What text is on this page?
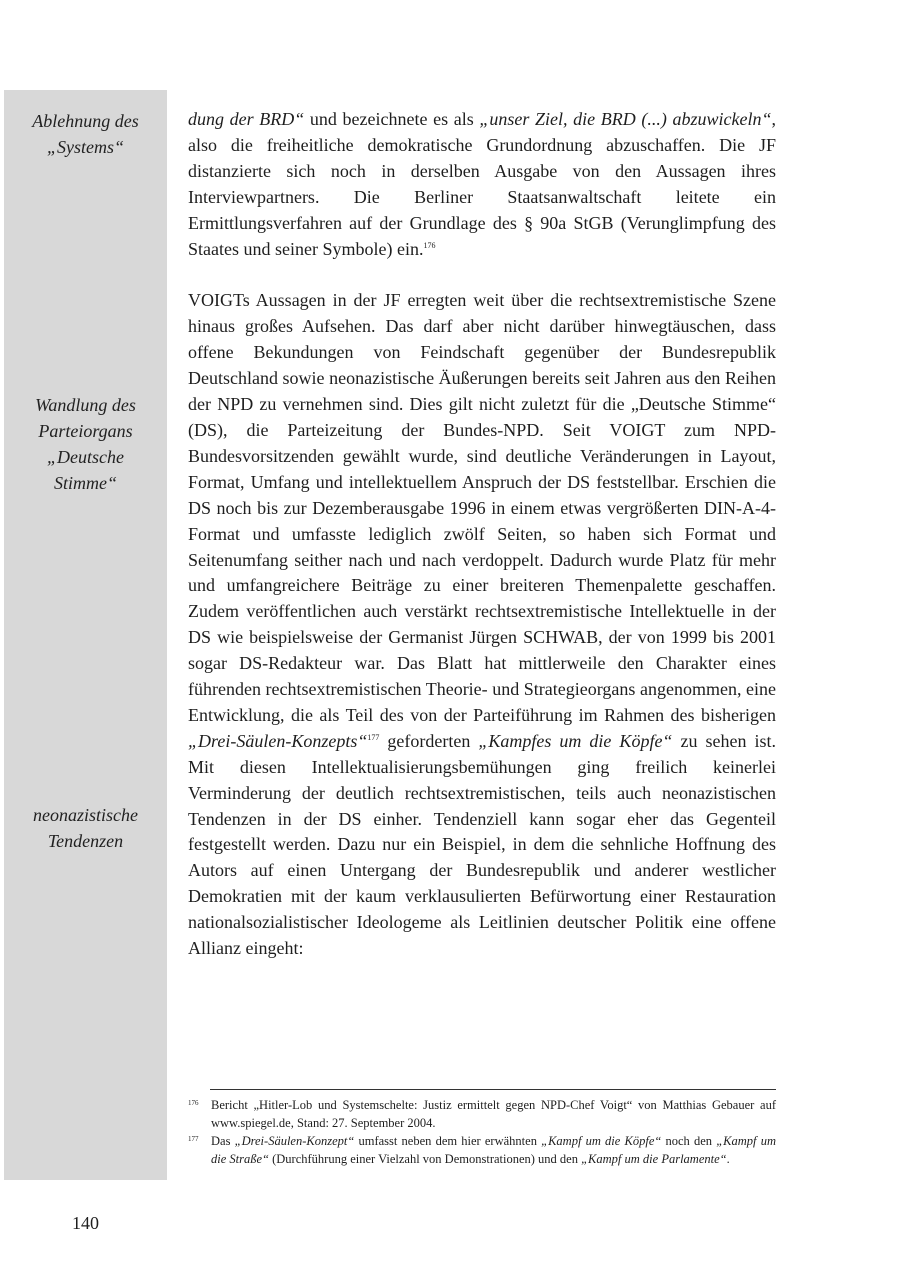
Ablehnung des
„Systems“
Wandlung des
Parteiorgans
„Deutsche
Stimme“
neonazistische
Tendenzen

dung der BRD“ und bezeichnete es als „unser Ziel, die BRD (...) abzuwickeln“, also die freiheitliche demokratische Grundordnung abzuschaffen. Die JF distanzierte sich noch in derselben Ausgabe von den Aussagen ihres Interviewpartners. Die Berliner Staatsanwaltschaft leitete ein Ermittlungsverfahren auf der Grundlage des § 90a StGB (Verunglimpfung des Staates und seiner Symbole) ein.$^{176}$

VOIGTs Aussagen in der JF erregten weit über die rechtsextremistische Szene hinaus großes Aufsehen. Das darf aber nicht darüber hinwegtäuschen, dass offene Bekundungen von Feindschaft gegenüber der Bundesrepublik Deutschland sowie neonazistische Äußerungen bereits seit Jahren aus den Reihen der NPD zu vernehmen sind. Dies gilt nicht zuletzt für die „Deutsche Stimme“ (DS), die Parteizeitung der Bundes-NPD. Seit VOIGT zum NPD-Bundesvorsitzenden gewählt wurde, sind deutliche Veränderungen in Layout, Format, Umfang und intellektuellem Anspruch der DS feststellbar. Erschien die DS noch bis zur Dezemberausgabe 1996 in einem etwas vergrößerten DIN-A-4-Format und umfasste lediglich zwölf Seiten, so haben sich Format und Seitenumfang seither nach und nach verdoppelt. Dadurch wurde Platz für mehr und umfangreichere Beiträge zu einer breiteren Themenpalette geschaffen. Zudem veröffentlichen auch verstärkt rechtsextremistische Intellektuelle in der DS wie beispielsweise der Germanist Jürgen SCHWAB, der von 1999 bis 2001 sogar DS-Redakteur war. Das Blatt hat mittlerweile den Charakter eines führenden rechtsextremistischen Theorie- und Strategieorgans angenommen, eine Entwicklung, die als Teil des von der Parteiführung im Rahmen des bisherigen „Drei-Säulen-Konzepts“$^{177}$ geforderten „Kampfes um die Köpfe“ zu sehen ist. Mit diesen Intellektualisierungsbemühungen ging freilich keinerlei Verminderung der deutlich rechtsextremistischen, teils auch neonazistischen Tendenzen in der DS einher. Tendenziell kann sogar eher das Gegenteil festgestellt werden. Dazu nur ein Beispiel, in dem die sehnliche Hoffnung des Autors auf einen Untergang der Bundesrepublik und anderer westlicher Demokratien mit der kaum verklausulierten Befürwortung einer Restauration nationalsozialistischer Ideologeme als Leitlinien deutscher Politik eine offene Allianz eingeht:

176 Bericht „Hitler-Lob und Systemschelte: Justiz ermittelt gegen NPD-Chef Voigt“ von Matthias Gebauer auf www.spiegel.de, Stand: 27. September 2004.
177 Das „Drei-Säulen-Konzept“ umfasst neben dem hier erwähnten „Kampf um die Köpfe“ noch den „Kampf um die Straße“ (Durchführung einer Vielzahl von Demonstrationen) und den „Kampf um die Parlamente“.
140
